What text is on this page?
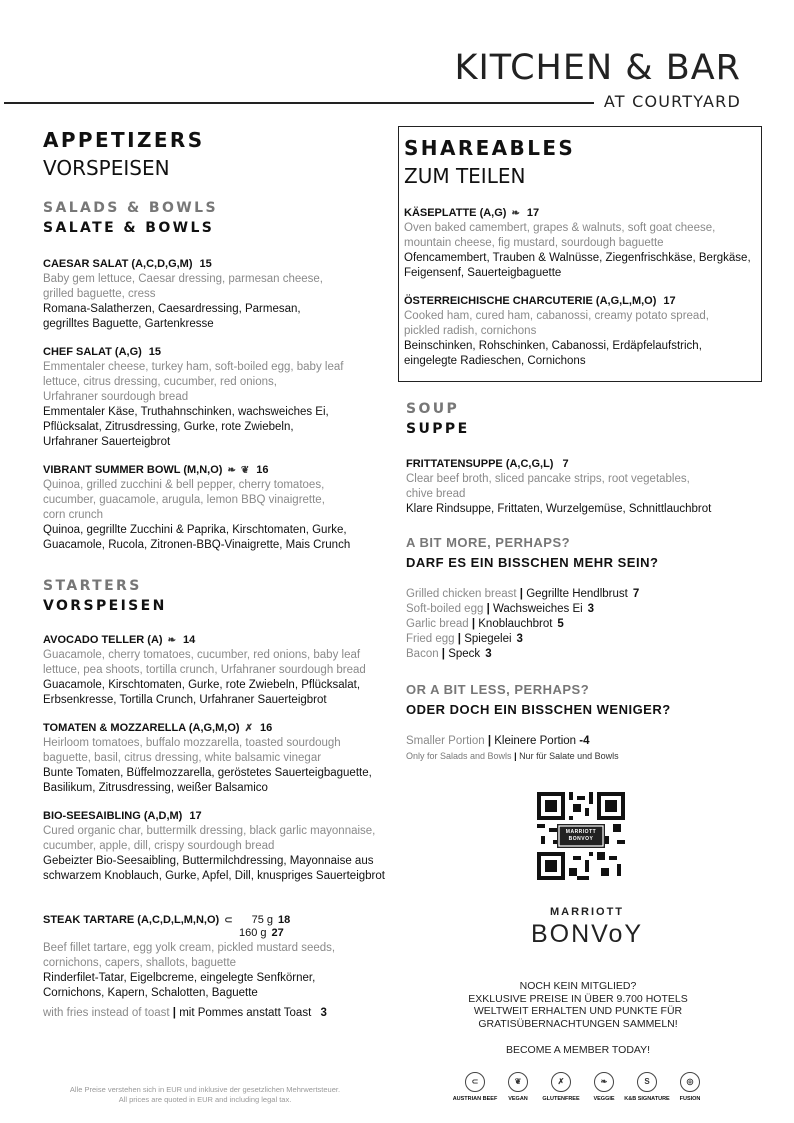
KITCHEN & BAR
AT COURTYARD
APPETIZERS
VORSPEISEN
SALADS & BOWLS
SALATE & BOWLS
CAESAR SALAT (A,C,D,G,M) 15
Baby gem lettuce, Caesar dressing, parmesan cheese,
grilled baguette, cress
Romana-Salatherzen, Caesardressing, Parmesan,
gegrilltes Baguette, Gartenkresse
CHEF SALAT (A,G) 15
Emmentaler cheese, turkey ham, soft-boiled egg, baby leaf
lettuce, citrus dressing, cucumber, red onions,
Urfahraner sourdough bread
Emmentaler Käse, Truthahnschinken, wachsweiches Ei,
Pflücksalat, Zitrusdressing, Gurke, rote Zwiebeln,
Urfahraner Sauerteigbrot
VIBRANT SUMMER BOWL (M,N,O) ❧ ❦ 16
Quinoa, grilled zucchini & bell pepper, cherry tomatoes,
cucumber, guacamole, arugula, lemon BBQ vinaigrette,
corn crunch
Quinoa, gegrillte Zucchini & Paprika, Kirschtomaten, Gurke,
Guacamole, Rucola, Zitronen-BBQ-Vinaigrette, Mais Crunch
STARTERS
VORSPEISEN
AVOCADO TELLER (A) ❧ 14
Guacamole, cherry tomatoes, cucumber, red onions, baby leaf
lettuce, pea shoots, tortilla crunch, Urfahraner sourdough bread
Guacamole, Kirschtomaten, Gurke, rote Zwiebeln, Pflücksalat,
Erbsenkresse, Tortilla Crunch, Urfahraner Sauerteigbrot
TOMATEN & MOZZARELLA (A,G,M,O) ✗ 16
Heirloom tomatoes, buffalo mozzarella, toasted sourdough
baguette, basil, citrus dressing, white balsamic vinegar
Bunte Tomaten, Büffelmozzarella, geröstetes Sauerteigbaguette,
Basilikum, Zitrusdressing, weißer Balsamico
BIO-SEESAIBLING (A,D,M) 17
Cured organic char, buttermilk dressing, black garlic mayonnaise,
cucumber, apple, dill, crispy sourdough bread
Gebeizter Bio-Seesaibling, Buttermilchdressing, Mayonnaise aus
schwarzem Knoblauch, Gurke, Apfel, Dill, knuspriges Sauerteigbrot
STEAK TARTARE (A,C,D,L,M,N,O) ⊂ 75 g 18
160 g 27
Beef fillet tartare, egg yolk cream, pickled mustard seeds,
cornichons, capers, shallots, baguette
Rinderfilet-Tatar, Eigelbcreme, eingelegte Senfkörner,
Cornichons, Kapern, Schalotten, Baguette
with fries instead of toast | mit Pommes anstatt Toast 3
SHAREABLES
ZUM TEILEN
KÄSEPLATTE (A,G) ❧ 17
Oven baked camembert, grapes & walnuts, soft goat cheese,
mountain cheese, fig mustard, sourdough baguette
Ofencamembert, Trauben & Walnüsse, Ziegenfrischkäse, Bergkäse,
Feigensenf, Sauerteigbaguette
ÖSTERREICHISCHE CHARCUTERIE (A,G,L,M,O) 17
Cooked ham, cured ham, cabanossi, creamy potato spread,
pickled radish, cornichons
Beinschinken, Rohschinken, Cabanossi, Erdäpfelaufstrich,
eingelegte Radieschen, Cornichons
SOUP
SUPPE
FRITTATENSUPPE (A,C,G,L) 7
Clear beef broth, sliced pancake strips, root vegetables,
chive bread
Klare Rindsuppe, Frittaten, Wurzelgemüse, Schnittlauchbrot
A BIT MORE, PERHAPS?
DARF ES EIN BISSCHEN MEHR SEIN?
Grilled chicken breast | Gegrillte Hendlbrust 7
Soft-boiled egg | Wachsweiches Ei 3
Garlic bread | Knoblauchbrot 5
Fried egg | Spiegelei 3
Bacon | Speck 3
OR A BIT LESS, PERHAPS?
ODER DOCH EIN BISSCHEN WENIGER?
Smaller Portion | Kleinere Portion -4
Only for Salads and Bowls | Nur für Salate und Bowls
MARRIOTT BONVOY
MARRIOTT
BONVoY
NOCH KEIN MITGLIED?
EXKLUSIVE PREISE IN ÜBER 9.700 HOTELS
WELTWEIT ERHALTEN UND PUNKTE FÜR
GRATISÜBERNACHTUNGEN SAMMELN!
BECOME A MEMBER TODAY!
Alle Preise verstehen sich in EUR und inklusive der gesetzlichen Mehrwertsteuer.
All prices are quoted in EUR and including legal tax.
⊂
AUSTRIAN BEEF
❦
VEGAN
✗
GLUTENFREE
❧
VEGGIE
S
K&B SIGNATURE
◎
FUSION
